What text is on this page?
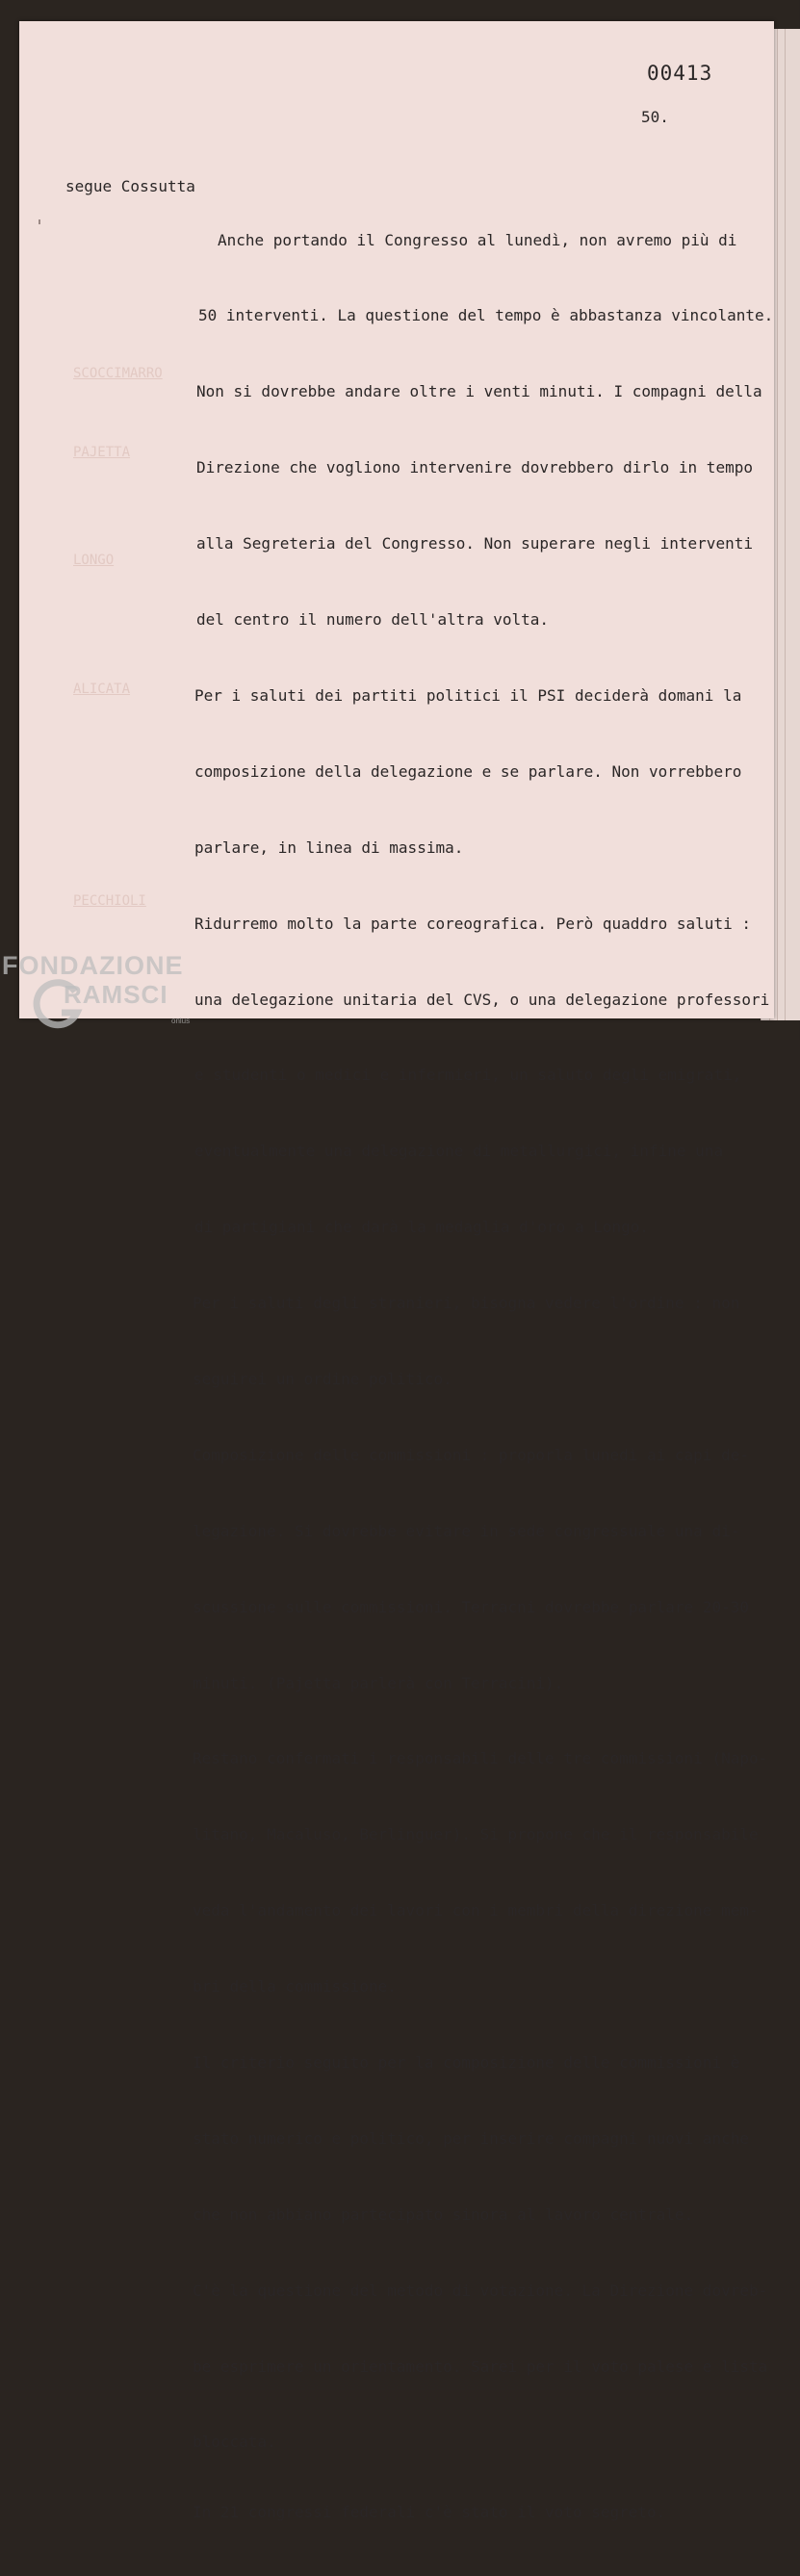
SCOCCIMARRO
PAJETTA
LONGO
ALICATA
PECCHIOLI
00413
50.
segue Cossutta

Anche portando il Congresso al lunedì, non avremo più di

50 interventi. La questione del tempo è abbastanza vincolante.

Non si dovrebbe andare oltre i venti minuti. I compagni della

Direzione che vogliono intervenire dovrebbero dirlo in tempo

alla Segreteria del Congresso. Non superare negli interventi

del centro il numero dell'altra volta.

Per i saluti dei partiti politici il PSI deciderà domani la

composizione della delegazione e se parlare. Non vorrebbero

parlare, in linea di massima.

Ridurremo molto la parte coreografica. Però quaddro saluti :

una delegazione unitaria del CVS, o una delegazione professori

e studenti o medici e infermieri, un saluto degli emigrati,

eventualmente una delegazione di metallurgici, infine una

di partigiani che darà la medaglia d'oro a Longo.

Per i saluti degli stranieri, bisogna vedere l'ordine : non

seguirei un ordine politico.

Composizione delle commissioni : proporla lunedì ai capi de-

legazione. Si dovrebbe evitare in sede congressuale una di-

scussione sulle commissioni. Terracni dovrebbe parlare 20-30

minuti. (Pajetta parlerà con Terracini).

Restano confermati i responsabili delle tre commissioni (Napo-

litano, Macaluso, Berlinguer). Si propone che il responsabile

veda l'andamento dei lavori con i membri della direzione mem-

bri della commissione.

Il criterio seguito per la composizione delle commissioni è

stato numerico e politico, per inserire compagni nuovi anche

che non abbiano partecipato sinora al lavoro centrale.

C'è la questione del metodo di votazione. La Direzione dovreb-

be esprimere un orientamento. Sarei per il voto palese e lista

bloccata.

In 21 congressi federali c'è stato il voto segreto.

FONDAZIONE
RAMSCI
onlus
